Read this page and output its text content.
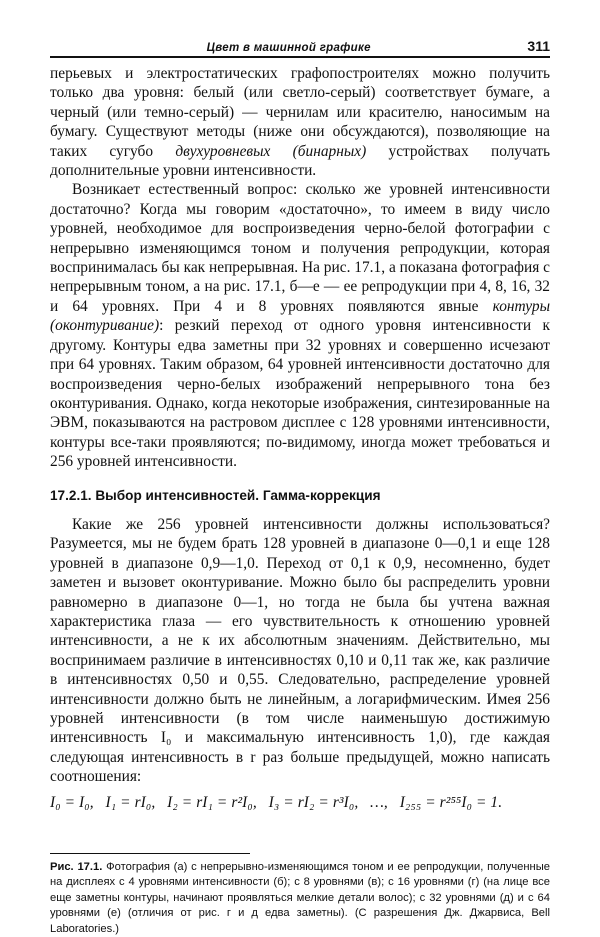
Цвет в машинной графике	311

перьевых и электростатических графопостроителях можно получить только два уровня: белый (или светло-серый) соответствует бумаге, а черный (или темно-серый) — чернилам или красителю, наносимым на бумагу. Существуют методы (ниже они обсуждаются), позволяющие на таких сугубо двухуровневых (бинарных) устройствах получать дополнительные уровни интенсивности.

Возникает естественный вопрос: сколько же уровней интенсивности достаточно? Когда мы говорим «достаточно», то имеем в виду число уровней, необходимое для воспроизведения черно-белой фотографии с непрерывно изменяющимся тоном и получения репродукции, которая воспринималась бы как непрерывная. На рис. 17.1, а показана фотография с непрерывным тоном, а на рис. 17.1, б—е — ее репродукции при 4, 8, 16, 32 и 64 уровнях. При 4 и 8 уровнях появляются явные контуры (оконтуривание): резкий переход от одного уровня интенсивности к другому. Контуры едва заметны при 32 уровнях и совершенно исчезают при 64 уровнях. Таким образом, 64 уровней интенсивности достаточно для воспроизведения черно-белых изображений непрерывного тона без оконтуривания. Однако, когда некоторые изображения, синтезированные на ЭВМ, показываются на растровом дисплее с 128 уровнями интенсивности, контуры все-таки проявляются; по-видимому, иногда может требоваться и 256 уровней интенсивности.

17.2.1. Выбор интенсивностей. Гамма-коррекция

Какие же 256 уровней интенсивности должны использоваться? Разумеется, мы не будем брать 128 уровней в диапазоне 0—0,1 и еще 128 уровней в диапазоне 0,9—1,0. Переход от 0,1 к 0,9, несомненно, будет заметен и вызовет оконтуривание. Можно было бы распределить уровни равномерно в диапазоне 0—1, но тогда не была бы учтена важная характеристика глаза — его чувствительность к отношению уровней интенсивности, а не к их абсолютным значениям. Действительно, мы воспринимаем различие в интенсивностях 0,10 и 0,11 так же, как различие в интенсивностях 0,50 и 0,55. Следовательно, распределение уровней интенсивности должно быть не линейным, а логарифмическим. Имея 256 уровней интенсивности (в том числе наименьшую достижимую интенсивность I₀ и максимальную интенсивность 1,0), где каждая следующая интенсивность в r раз больше предыдущей, можно написать соотношения:

I₀ = I₀, I₁ = rI₀, I₂ = rI₁ = r²I₀, I₃ = rI₂ = r³I₀, …, I₂₅₅ = r²⁵⁵I₀ = 1.
Рис. 17.1. Фотография (а) с непрерывно-изменяющимся тоном и ее репродукции, полученные на дисплеях с 4 уровнями интенсивности (б); с 8 уровнями (в); с 16 уровнями (г) (на лице все еще заметны контуры, начинают проявляться мелкие детали волос); с 32 уровнями (д) и с 64 уровнями (е) (отличия от рис. г и д едва заметны). (С разрешения Дж. Джарвиса, Bell Laboratories.)
